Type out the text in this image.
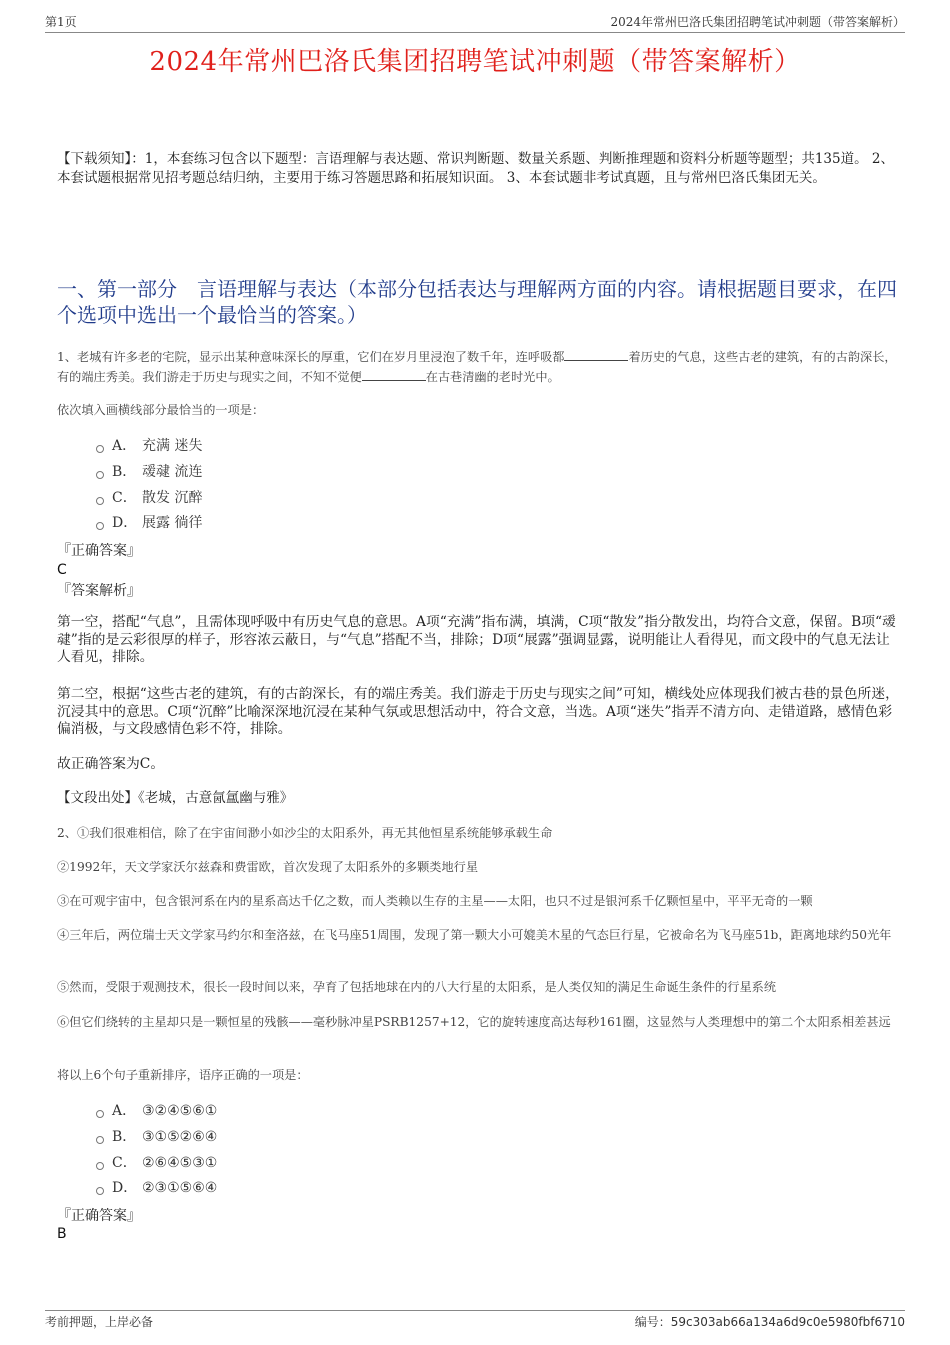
第1页	2024年常州巴洛氏集团招聘笔试冲刺题（带答案解析）
2024年常州巴洛氏集团招聘笔试冲刺题（带答案解析）
【下载须知】：1，本套练习包含以下题型：言语理解与表达题、常识判断题、数量关系题、判断推理题和资料分析题等题型；共135道。 2、本套试题根据常见招考题总结归纳，主要用于练习答题思路和拓展知识面。 3、本套试题非考试真题，且与常州巴洛氏集团无关。
一、第一部分　言语理解与表达（本部分包括表达与理解两方面的内容。请根据题目要求，在四个选项中选出一个最恰当的答案。）
1、老城有许多老的宅院，显示出某种意味深长的厚重，它们在岁月里浸泡了数千年，连呼吸都	着历史的气息，这些古老的建筑，有的古韵深长，有的端庄秀美。我们游走于历史与现实之间，不知不觉便	在古巷清幽的老时光中。
依次填入画横线部分最恰当的一项是：
A． 充满 迷失
B． 叆叇 流连
C． 散发 沉醉
D． 展露 徜徉
『正确答案』
C
『答案解析』
第一空，搭配“气息”，且需体现呼吸中有历史气息的意思。A项“充满”指布满，填满，C项“散发”指分散发出，均符合文意，保留。B项“叆叇”指的是云彩很厚的样子，形容浓云蔽日，与“气息”搭配不当，排除；D项“展露”强调显露，说明能让人看得见，而文段中的气息无法让人看见，排除。
第二空，根据“这些古老的建筑，有的古韵深长，有的端庄秀美。我们游走于历史与现实之间”可知，横线处应体现我们被古巷的景色所迷，沉浸其中的意思。C项“沉醉”比喻深深地沉浸在某种气氛或思想活动中，符合文意，当选。A项“迷失”指弄不清方向、走错道路，感情色彩偏消极，与文段感情色彩不符，排除。
故正确答案为C。
【文段出处】《老城，古意氤氲幽与雅》
2、①我们很难相信，除了在宇宙间渺小如沙尘的太阳系外，再无其他恒星系统能够承载生命
②1992年，天文学家沃尔兹森和费雷欧，首次发现了太阳系外的多颗类地行星
③在可观宇宙中，包含银河系在内的星系高达千亿之数，而人类赖以生存的主星——太阳，也只不过是银河系千亿颗恒星中，平平无奇的一颗
④三年后，两位瑞士天文学家马约尔和奎洛兹，在飞马座51周围，发现了第一颗大小可媲美木星的气态巨行星，它被命名为飞马座51b，距离地球约50光年
⑤然而，受限于观测技术，很长一段时间以来，孕育了包括地球在内的八大行星的太阳系，是人类仅知的满足生命诞生条件的行星系统
⑥但它们绕转的主星却只是一颗恒星的残骸——毫秒脉冲星PSRB1257+12，它的旋转速度高达每秒161圈，这显然与人类理想中的第二个太阳系相差甚远
将以上6个句子重新排序，语序正确的一项是：
A． ③②④⑤⑥①
B． ③①⑤②⑥④
C． ②⑥④⑤③①
D． ②③①⑤⑥④
『正确答案』
B
考前押题，上岸必备	编号：59c303ab66a134a6d9c0e5980fbf6710
